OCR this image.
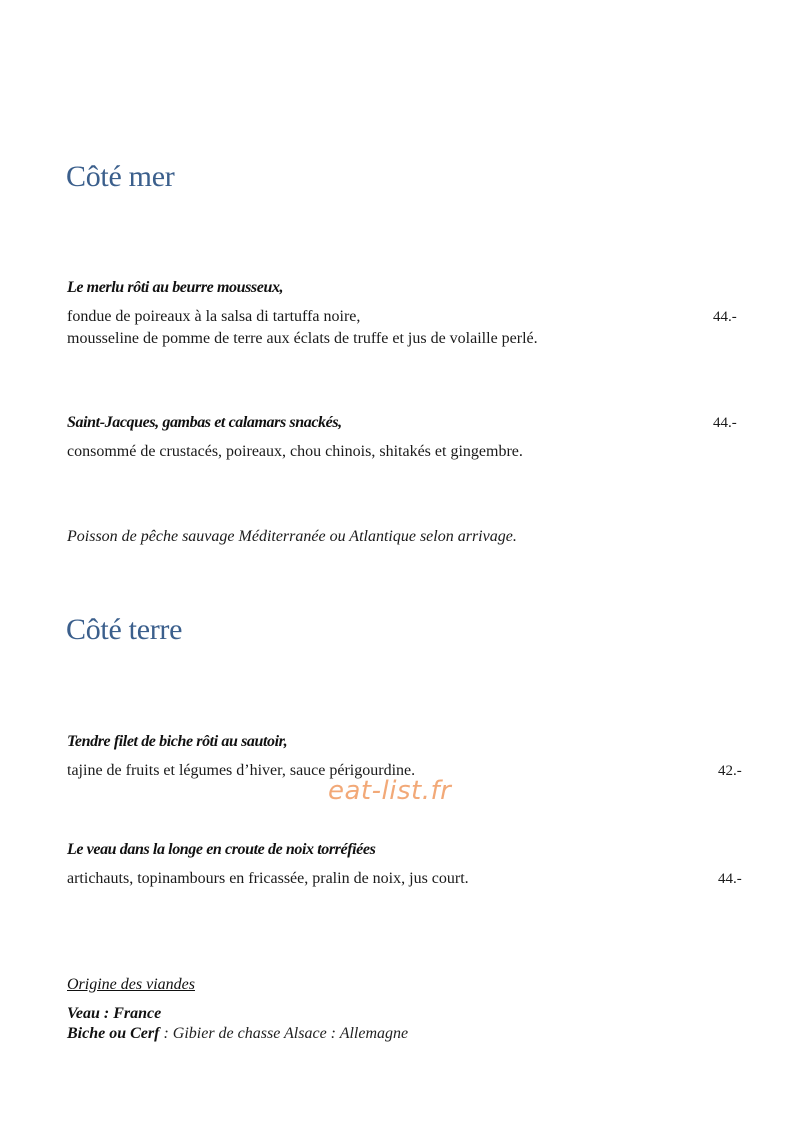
Côté mer
Le merlu rôti au beurre mousseux,
fondue de poireaux à la salsa di tartuffa noire,	44.-
mousseline de pomme de terre aux éclats de truffe et jus de volaille perlé.
Saint-Jacques, gambas et calamars snackés,	44.-
consommé de crustacés, poireaux, chou chinois, shitakés et gingembre.
Poisson de pêche sauvage Méditerranée ou Atlantique selon arrivage.
Côté terre
Tendre filet de biche rôti au sautoir,
tajine de fruits et légumes d’hiver, sauce périgourdine.	42.-
eat-list.fr
Le veau dans la longe en croute de noix torréfiées
artichauts, topinambours en fricassée, pralin de noix, jus court.	44.-
Origine des viandes
Veau : France
Biche ou Cerf : Gibier de chasse Alsace : Allemagne
